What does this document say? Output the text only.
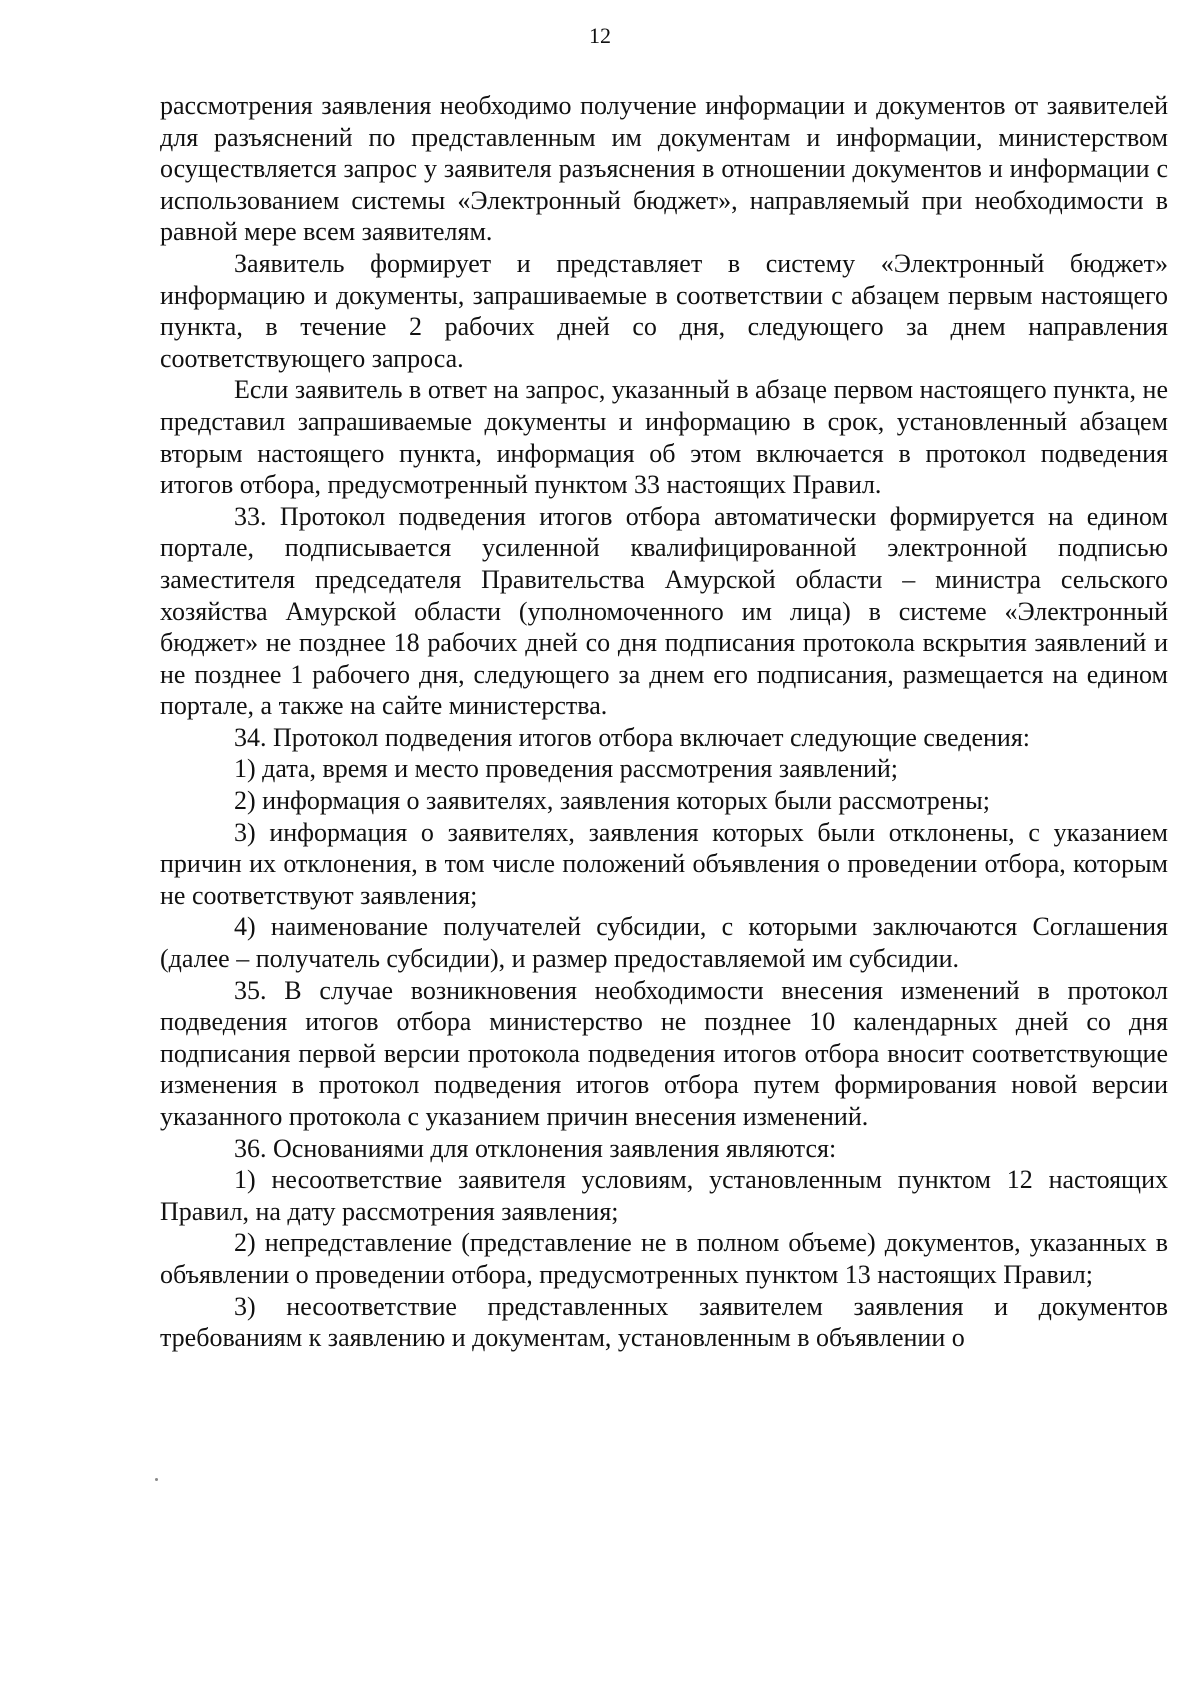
12

рассмотрения заявления необходимо получение информации и документов от заявителей для разъяснений по представленным им документам и информации, министерством осуществляется запрос у заявителя разъяснения в отношении документов и информации с использованием системы «Электронный бюджет», направляемый при необходимости в равной мере всем заявителям.

Заявитель формирует и представляет в систему «Электронный бюджет» информацию и документы, запрашиваемые в соответствии с абзацем первым настоящего пункта, в течение 2 рабочих дней со дня, следующего за днем направления соответствующего запроса.

Если заявитель в ответ на запрос, указанный в абзаце первом настоящего пункта, не представил запрашиваемые документы и информацию в срок, установленный абзацем вторым настоящего пункта, информация об этом включается в протокол подведения итогов отбора, предусмотренный пунктом 33 настоящих Правил.

33. Протокол подведения итогов отбора автоматически формируется на едином портале, подписывается усиленной квалифицированной электронной подписью заместителя председателя Правительства Амурской области – министра сельского хозяйства Амурской области (уполномоченного им лица) в системе «Электронный бюджет» не позднее 18 рабочих дней со дня подписания протокола вскрытия заявлений и не позднее 1 рабочего дня, следующего за днем его подписания, размещается на едином портале, а также на сайте министерства.

34. Протокол подведения итогов отбора включает следующие сведения:

1) дата, время и место проведения рассмотрения заявлений;

2) информация о заявителях, заявления которых были рассмотрены;

3) информация о заявителях, заявления которых были отклонены, с указанием причин их отклонения, в том числе положений объявления о проведении отбора, которым не соответствуют заявления;

4) наименование получателей субсидии, с которыми заключаются Соглашения (далее – получатель субсидии), и размер предоставляемой им субсидии.

35. В случае возникновения необходимости внесения изменений в протокол подведения итогов отбора министерство не позднее 10 календарных дней со дня подписания первой версии протокола подведения итогов отбора вносит соответствующие изменения в протокол подведения итогов отбора путем формирования новой версии указанного протокола с указанием причин внесения изменений.

36. Основаниями для отклонения заявления являются:

1) несоответствие заявителя условиям, установленным пунктом 12 настоящих Правил, на дату рассмотрения заявления;

2) непредставление (представление не в полном объеме) документов, указанных в объявлении о проведении отбора, предусмотренных пунктом 13 настоящих Правил;

3) несоответствие представленных заявителем заявления и документов требованиям к заявлению и документам, установленным в объявлении о
